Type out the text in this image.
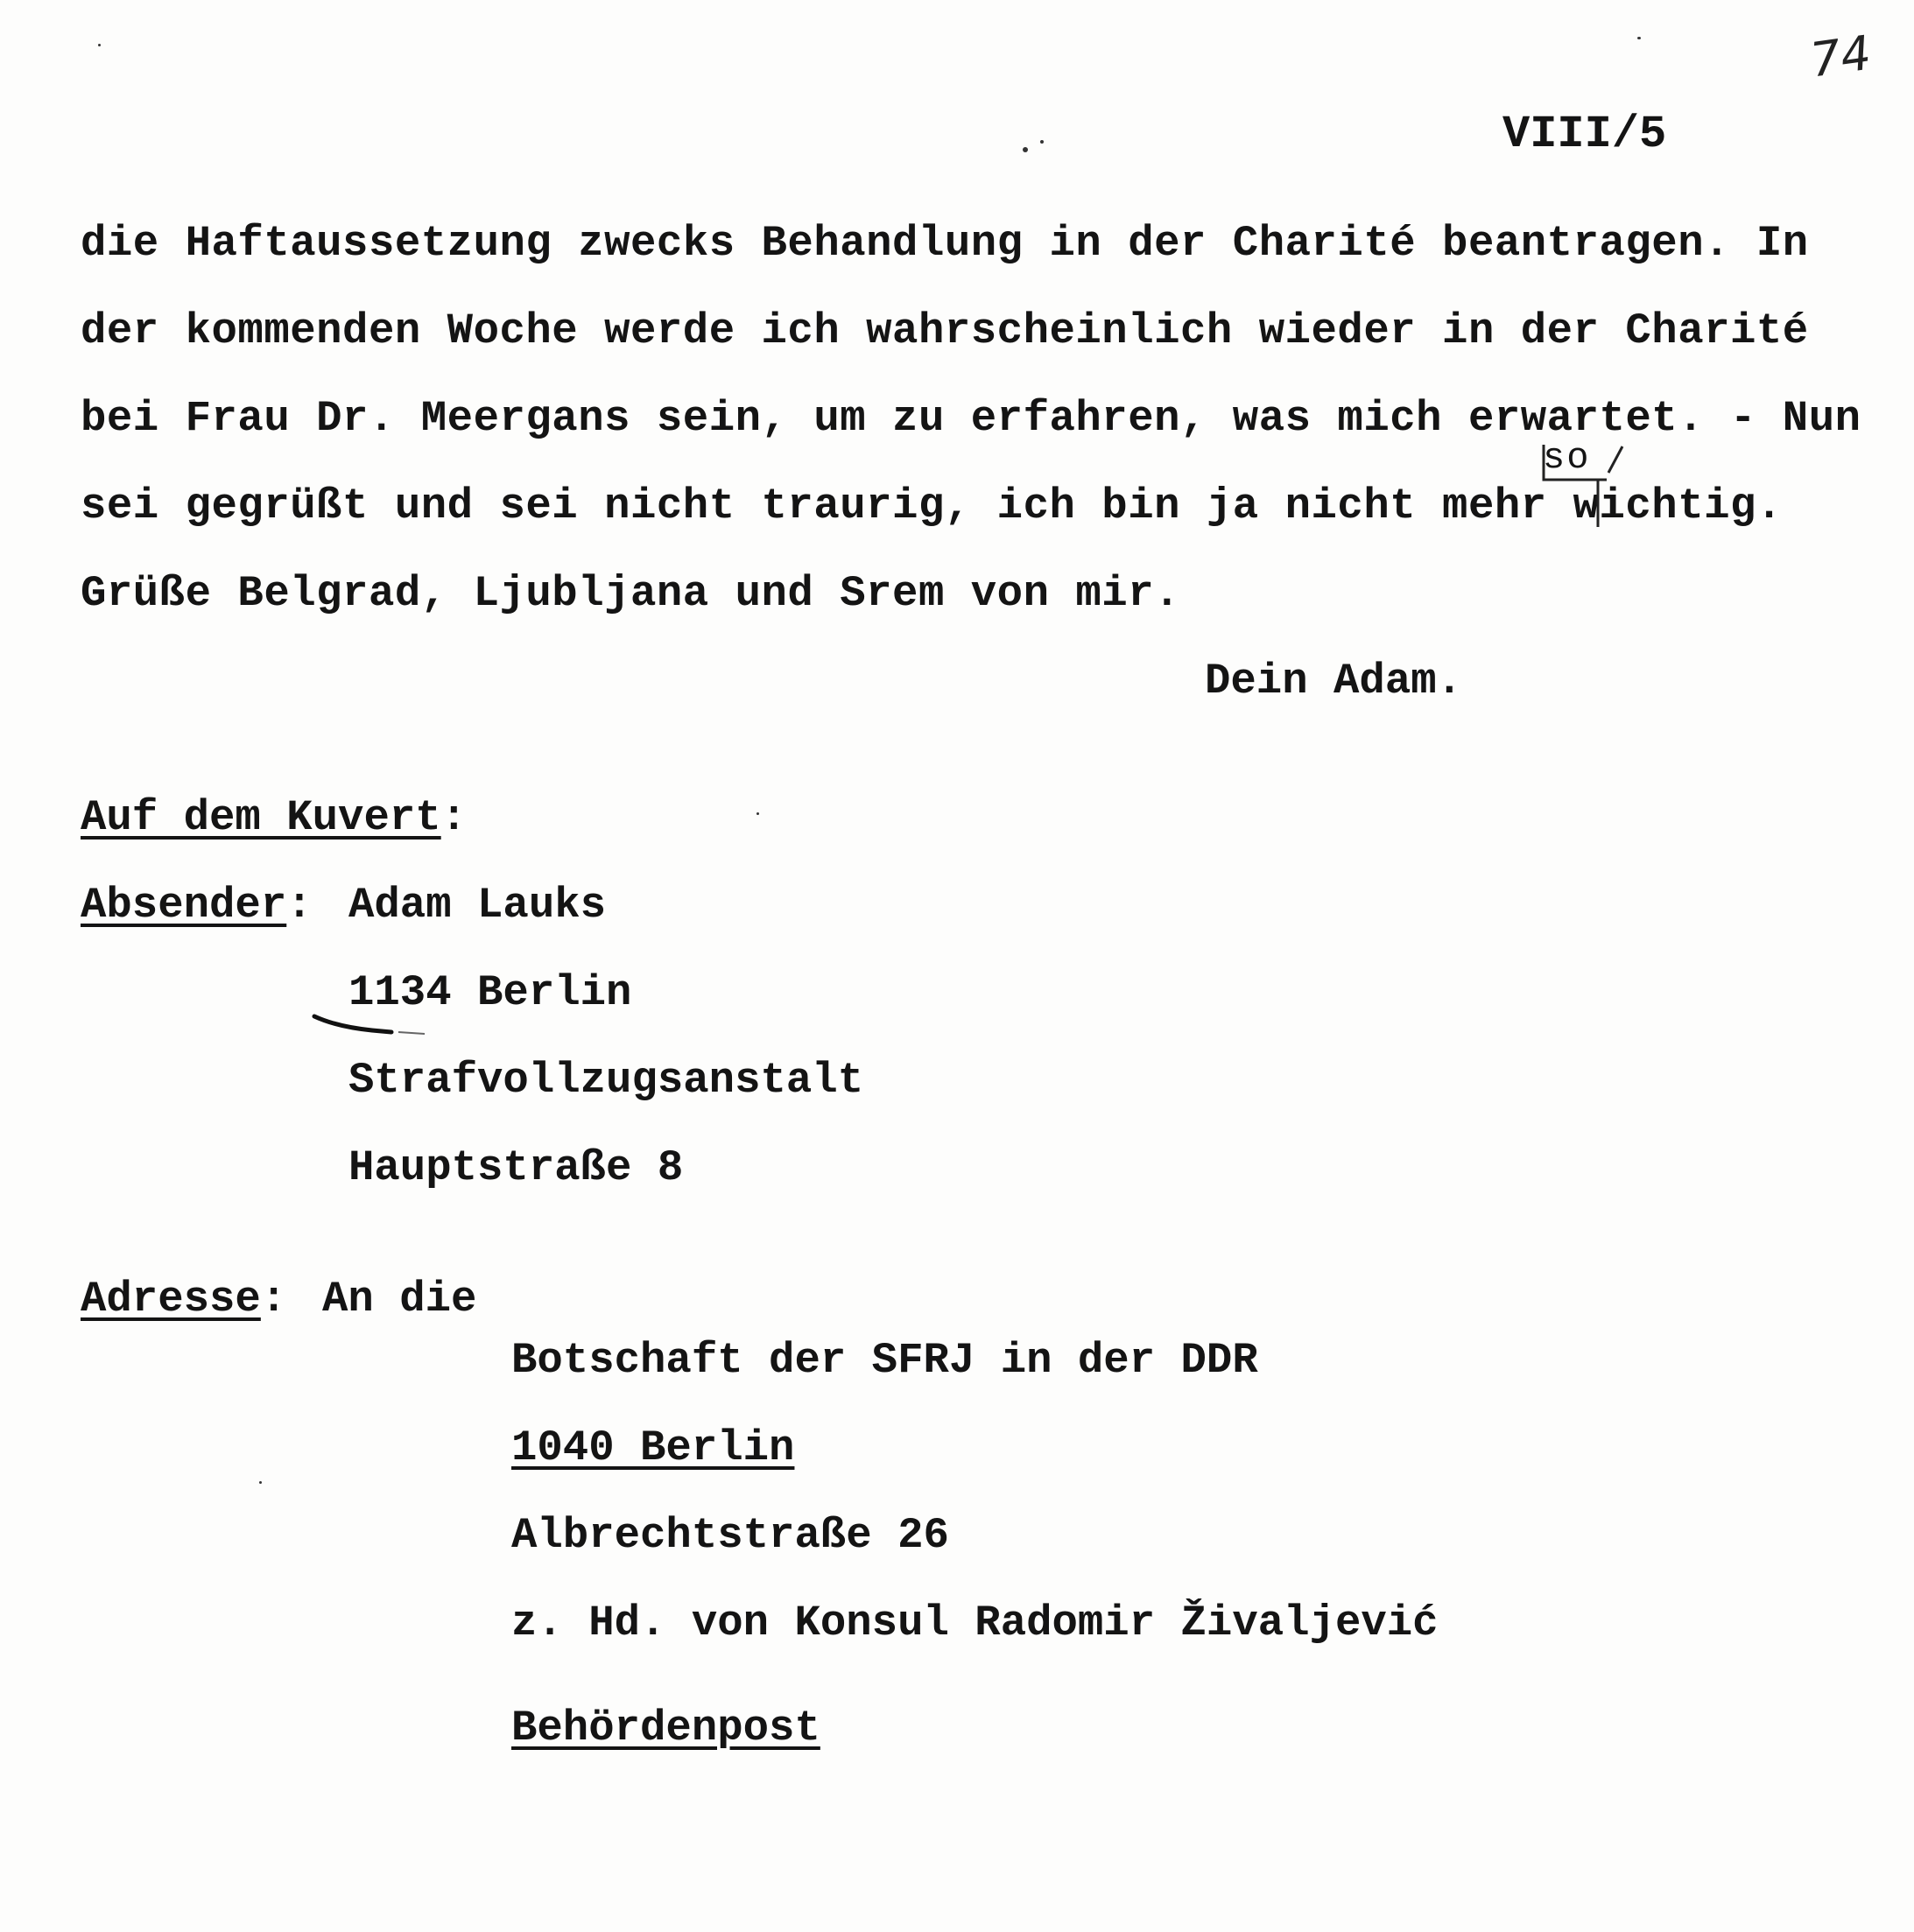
74
VIII/5
die Haftaussetzung zwecks Behandlung in der Charité beantragen. In
der kommenden Woche werde ich wahrscheinlich wieder in der Charité
bei Frau Dr. Meergans sein, um zu erfahren, was mich erwartet. - Nun
sei gegrüßt und sei nicht traurig, ich bin ja nicht mehr wichtig.
Grüße Belgrad, Ljubljana und Srem von mir.
so
Dein Adam.
Auf dem Kuvert:
Absender: Adam Lauks
1134 Berlin
Strafvollzugsanstalt
Hauptstraße 8
Adresse: An die
Botschaft der SFRJ in der DDR
1040 Berlin
Albrechtstraße 26
z. Hd. von Konsul Radomir Živaljević
Behördenpost
